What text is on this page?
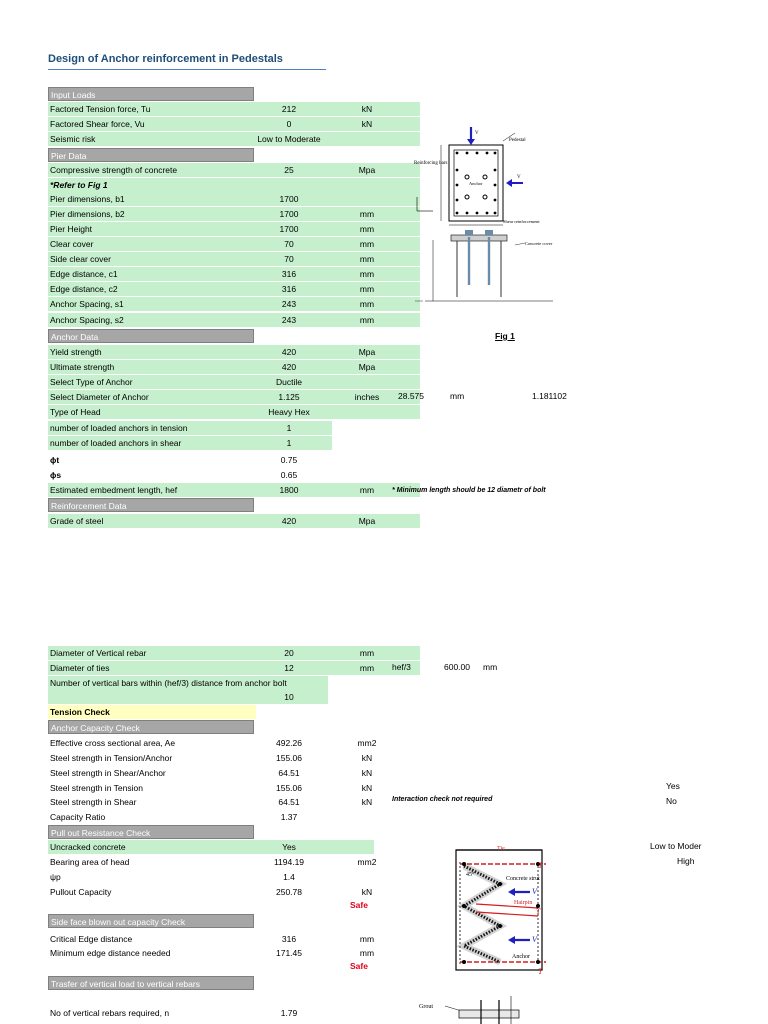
Design of Anchor reinforcement in Pedestals
Input Loads
Factored Tension force, Tu	212	kN
Factored Shear force, Vu	0	kN
Seismic risk	Low to Moderate
Pier Data
Compressive strength of concrete	25	Mpa
*Refer to Fig 1
Pier dimensions, b1	1700
Pier dimensions, b2	1700	mm
Pier Height	1700	mm
Clear cover	70	mm
Side clear cover	70	mm
Edge distance, c1	316	mm
Edge distance, c2	316	mm
Anchor Spacing, s1	243	mm
Anchor Spacing, s2	243	mm
Anchor Data
Yield strength	420	Mpa
Ultimate strength	420	Mpa
Select Type of Anchor	Ductile
Select Diameter of Anchor	1.125	inches
Type of Head	Heavy Hex
number of loaded anchors in tension	1
number of loaded anchors in shear	1
ϕt	0.75
ϕs	0.65
Estimated embedment length, hef	1800	mm
Reinforcement Data
Grade of steel	420	Mpa
Diameter of Vertical rebar	20	mm
Diameter of ties	12	mm
Number of vertical bars within (hef/3) distance from anchor bolt
10
Tension Check
Anchor Capacity Check
Effective cross sectional area, Ae	492.26	mm2
Steel strength in Tension/Anchor	155.06	kN
Steel strength in Shear/Anchor	64.51	kN
Steel strength in Tension	155.06	kN
Steel strength in Shear	64.51	kN
Capacity Ratio	1.37
Pull out Resistance Check
Uncracked concrete	Yes
Bearing area of head	1194.19	mm2
ψp	1.4
Pullout Capacity	250.78	kN
Side face blown out capacity Check
Critical Edge distance	316	mm
Minimum edge distance needed	171.45	mm
Trasfer of vertical load to vertical rebars
No of vertical rebars required, n	1.79
28.575	mm	1.181102
* Minimum length should be 12 diametr of bolt
hef/3	600.00 mm
Interaction check not required
Yes
No
Low to Moder
High
Safe
Safe
Reinforcing bars
Pedestal
Anchor
Shear reinforcement
Concrete cover
V
V
Fig 1
Tie
Concrete strut
Hairpin
Anchor
45°
T
T
V
V
T
Grout
